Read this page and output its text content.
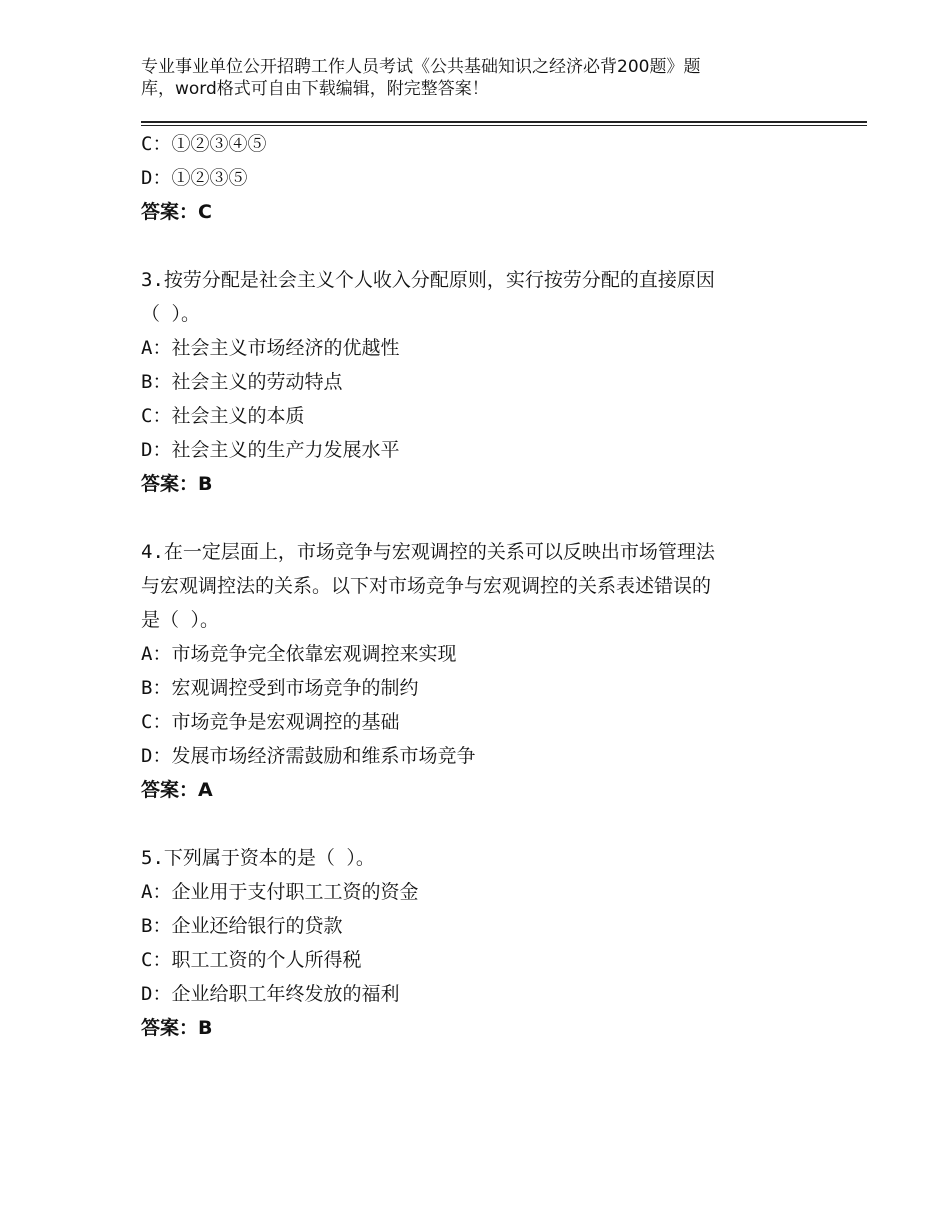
专业事业单位公开招聘工作人员考试《公共基础知识之经济必背200题》题
库，word格式可自由下载编辑，附完整答案！
C：①②③④⑤
D：①②③⑤
答案：C
3.按劳分配是社会主义个人收入分配原则，实行按劳分配的直接原因
（ ）。
A：社会主义市场经济的优越性
B：社会主义的劳动特点
C：社会主义的本质
D：社会主义的生产力发展水平
答案：B
4.在一定层面上，市场竞争与宏观调控的关系可以反映出市场管理法
与宏观调控法的关系。以下对市场竞争与宏观调控的关系表述错误的
是（ ）。
A：市场竞争完全依靠宏观调控来实现
B：宏观调控受到市场竞争的制约
C：市场竞争是宏观调控的基础
D：发展市场经济需鼓励和维系市场竞争
答案：A
5.下列属于资本的是（ ）。
A：企业用于支付职工工资的资金
B：企业还给银行的贷款
C：职工工资的个人所得税
D：企业给职工年终发放的福利
答案：B
